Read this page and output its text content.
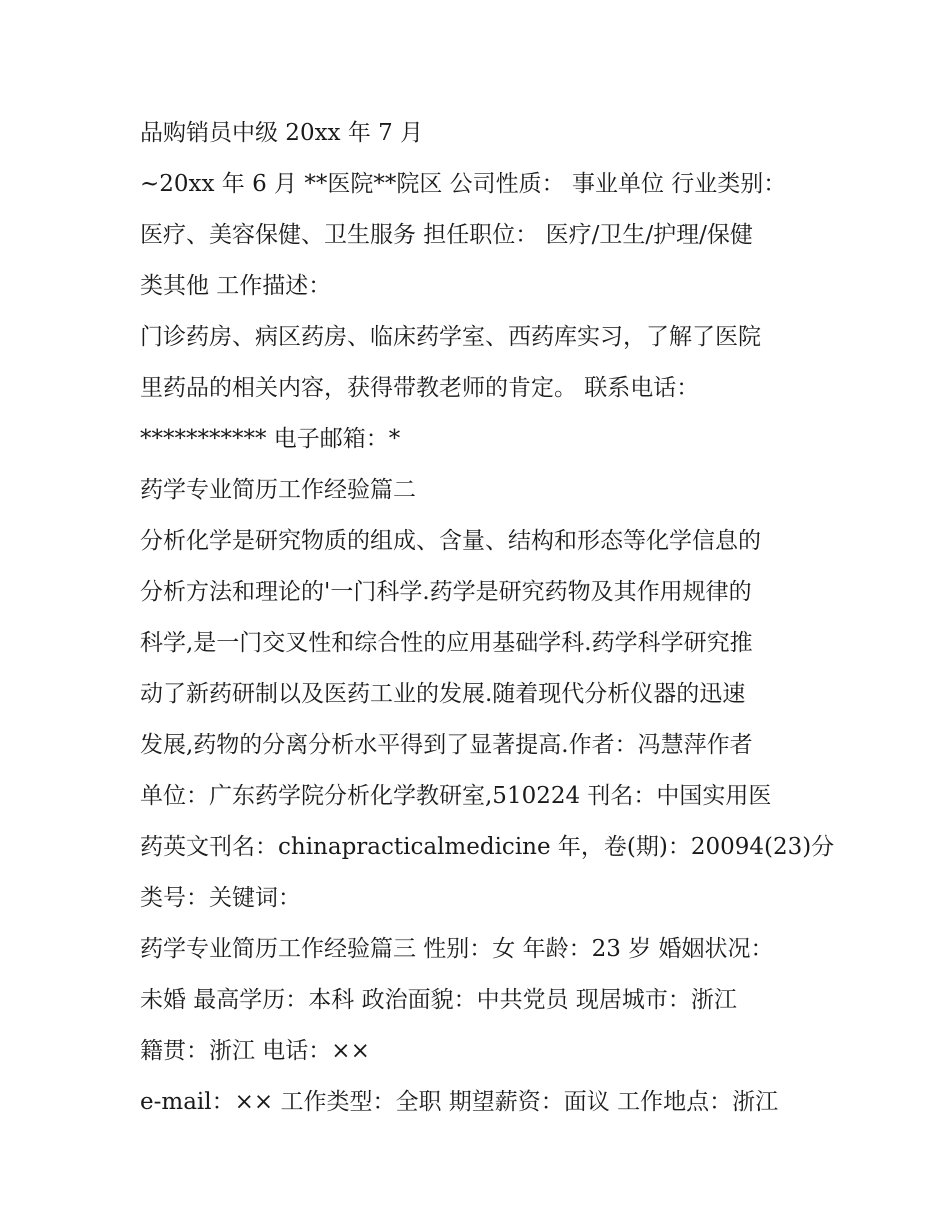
品购销员中级 20xx 年 7 月
~20xx 年 6 月 **医院**院区 公司性质： 事业单位 行业类别：
医疗、美容保健、卫生服务 担任职位： 医疗/卫生/护理/保健
类其他 工作描述：
门诊药房、病区药房、临床药学室、西药库实习，了解了医院
里药品的相关内容，获得带教老师的肯定。 联系电话：
*********** 电子邮箱：*
药学专业简历工作经验篇二
分析化学是研究物质的组成、含量、结构和形态等化学信息的
分析方法和理论的'一门科学.药学是研究药物及其作用规律的
科学,是一门交叉性和综合性的应用基础学科.药学科学研究推
动了新药研制以及医药工业的发展.随着现代分析仪器的迅速
发展,药物的分离分析水平得到了显著提高.作者：冯慧萍作者
单位：广东药学院分析化学教研室,510224 刊名：中国实用医
药英文刊名：chinapracticalmedicine 年，卷(期)：20094(23)分
类号：关键词：
药学专业简历工作经验篇三 性别：女 年龄：23 岁 婚姻状况：
未婚 最高学历：本科 政治面貌：中共党员 现居城市：浙江
籍贯：浙江 电话：××
e-mail：×× 工作类型：全职 期望薪资：面议 工作地点：浙江
